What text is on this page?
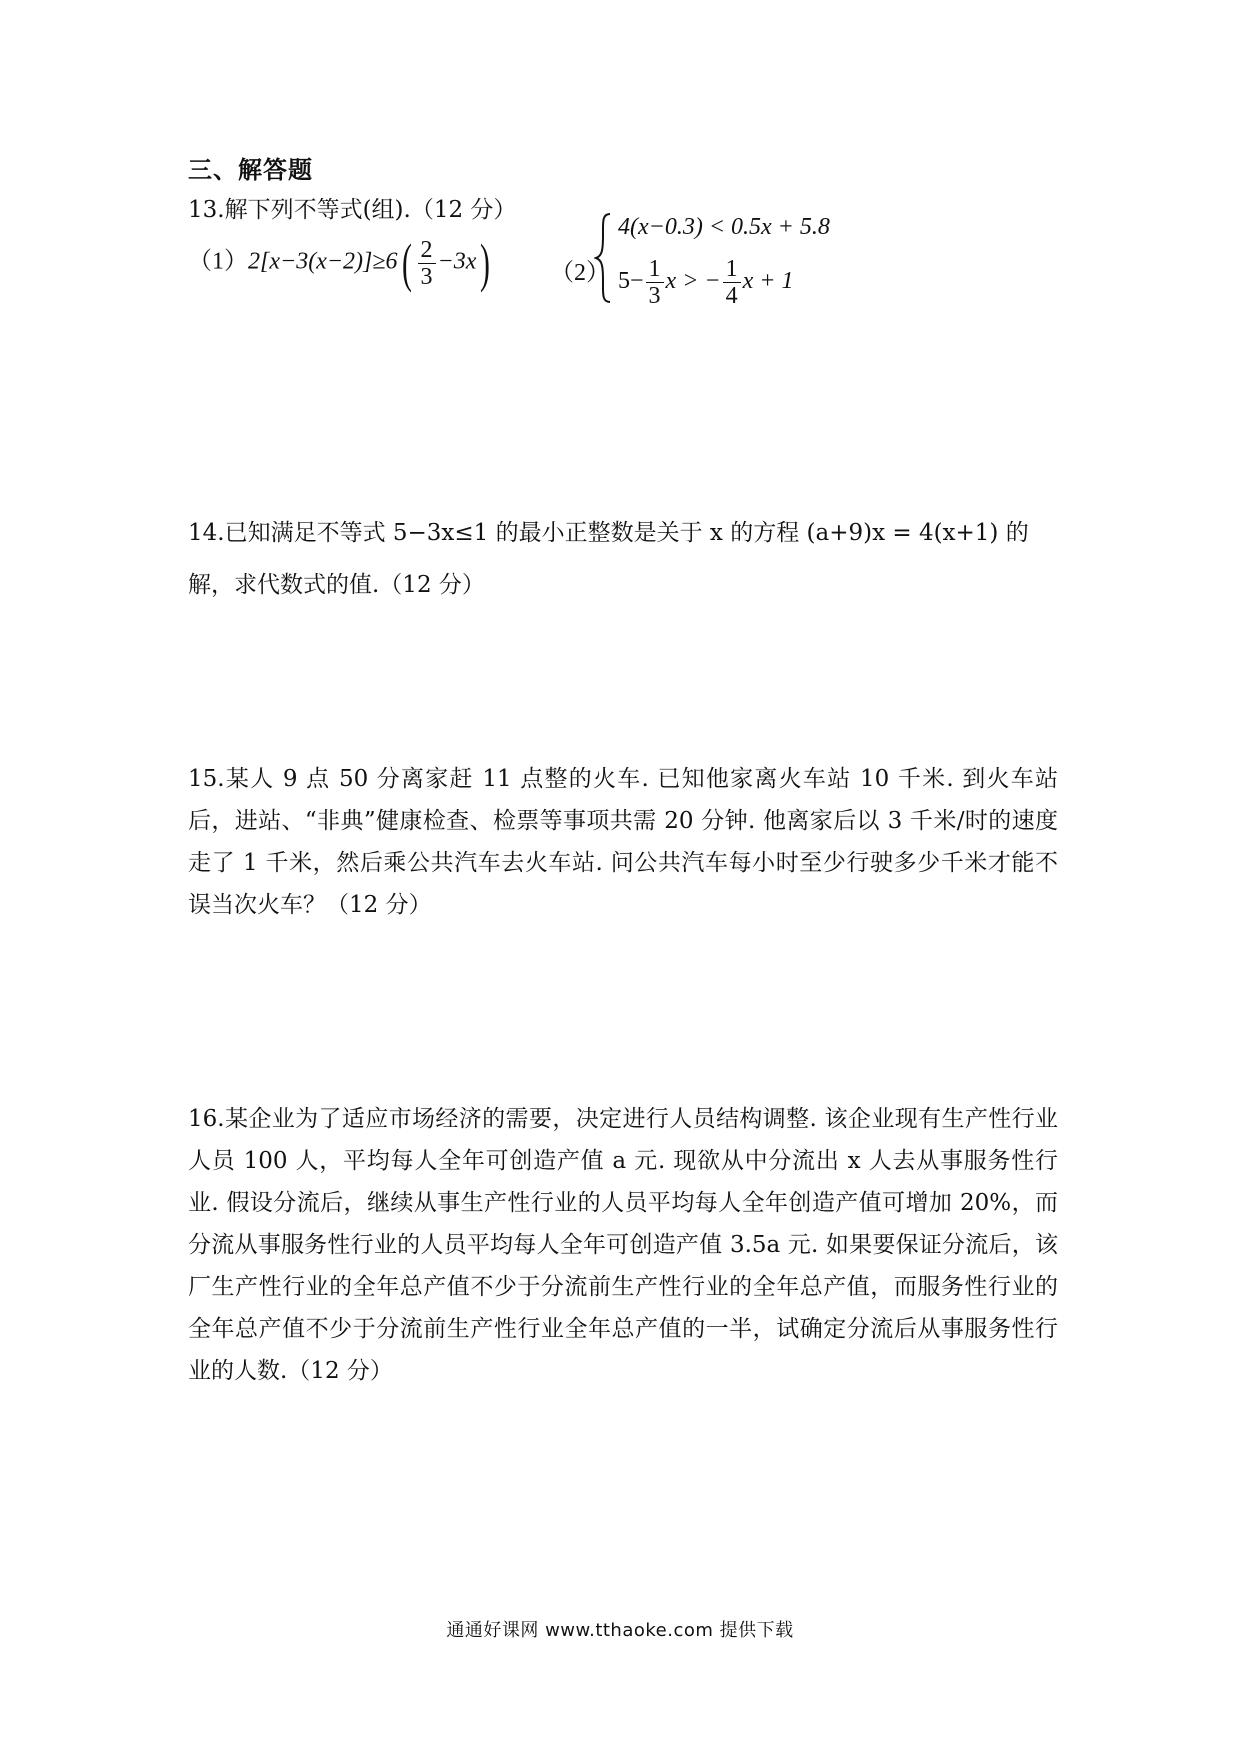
三、解答题
13.解下列不等式(组).（12 分）
$(1)2[x-3(x-2)]\ge 6( \frac{2}{3} -3x)$ （2）
4(x−0.3) < 0.5x + 5.8
$5- \frac{1}{3}$ x > − $\frac{1}{4}$ x + 1
14.已知满足不等式 5−3x≤1 的最小正整数是关于 x 的方程 (a+9)x = 4(x+1) 的
解，求代数式的值.（12 分）
15.某人 9 点 50 分离家赶 11 点整的火车. 已知他家离火车站 10 千米. 到火车站后，进站、“非典”健康检查、检票等事项共需 20 分钟. 他离家后以 3 千米/时的速度走了 1 千米，然后乘公共汽车去火车站. 问公共汽车每小时至少行驶多少千米才能不误当次火车？（12 分）
16.某企业为了适应市场经济的需要，决定进行人员结构调整. 该企业现有生产性行业人员 100 人，平均每人全年可创造产值 a 元. 现欲从中分流出 x 人去从事服务性行业. 假设分流后，继续从事生产性行业的人员平均每人全年创造产值可增加 20%，而分流从事服务性行业的人员平均每人全年可创造产值 3.5a 元. 如果要保证分流后，该厂生产性行业的全年总产值不少于分流前生产性行业的全年总产值，而服务性行业的全年总产值不少于分流前生产性行业全年总产值的一半，试确定分流后从事服务性行业的人数.（12 分）
通通好课网 www.tthaoke.com 提供下载
